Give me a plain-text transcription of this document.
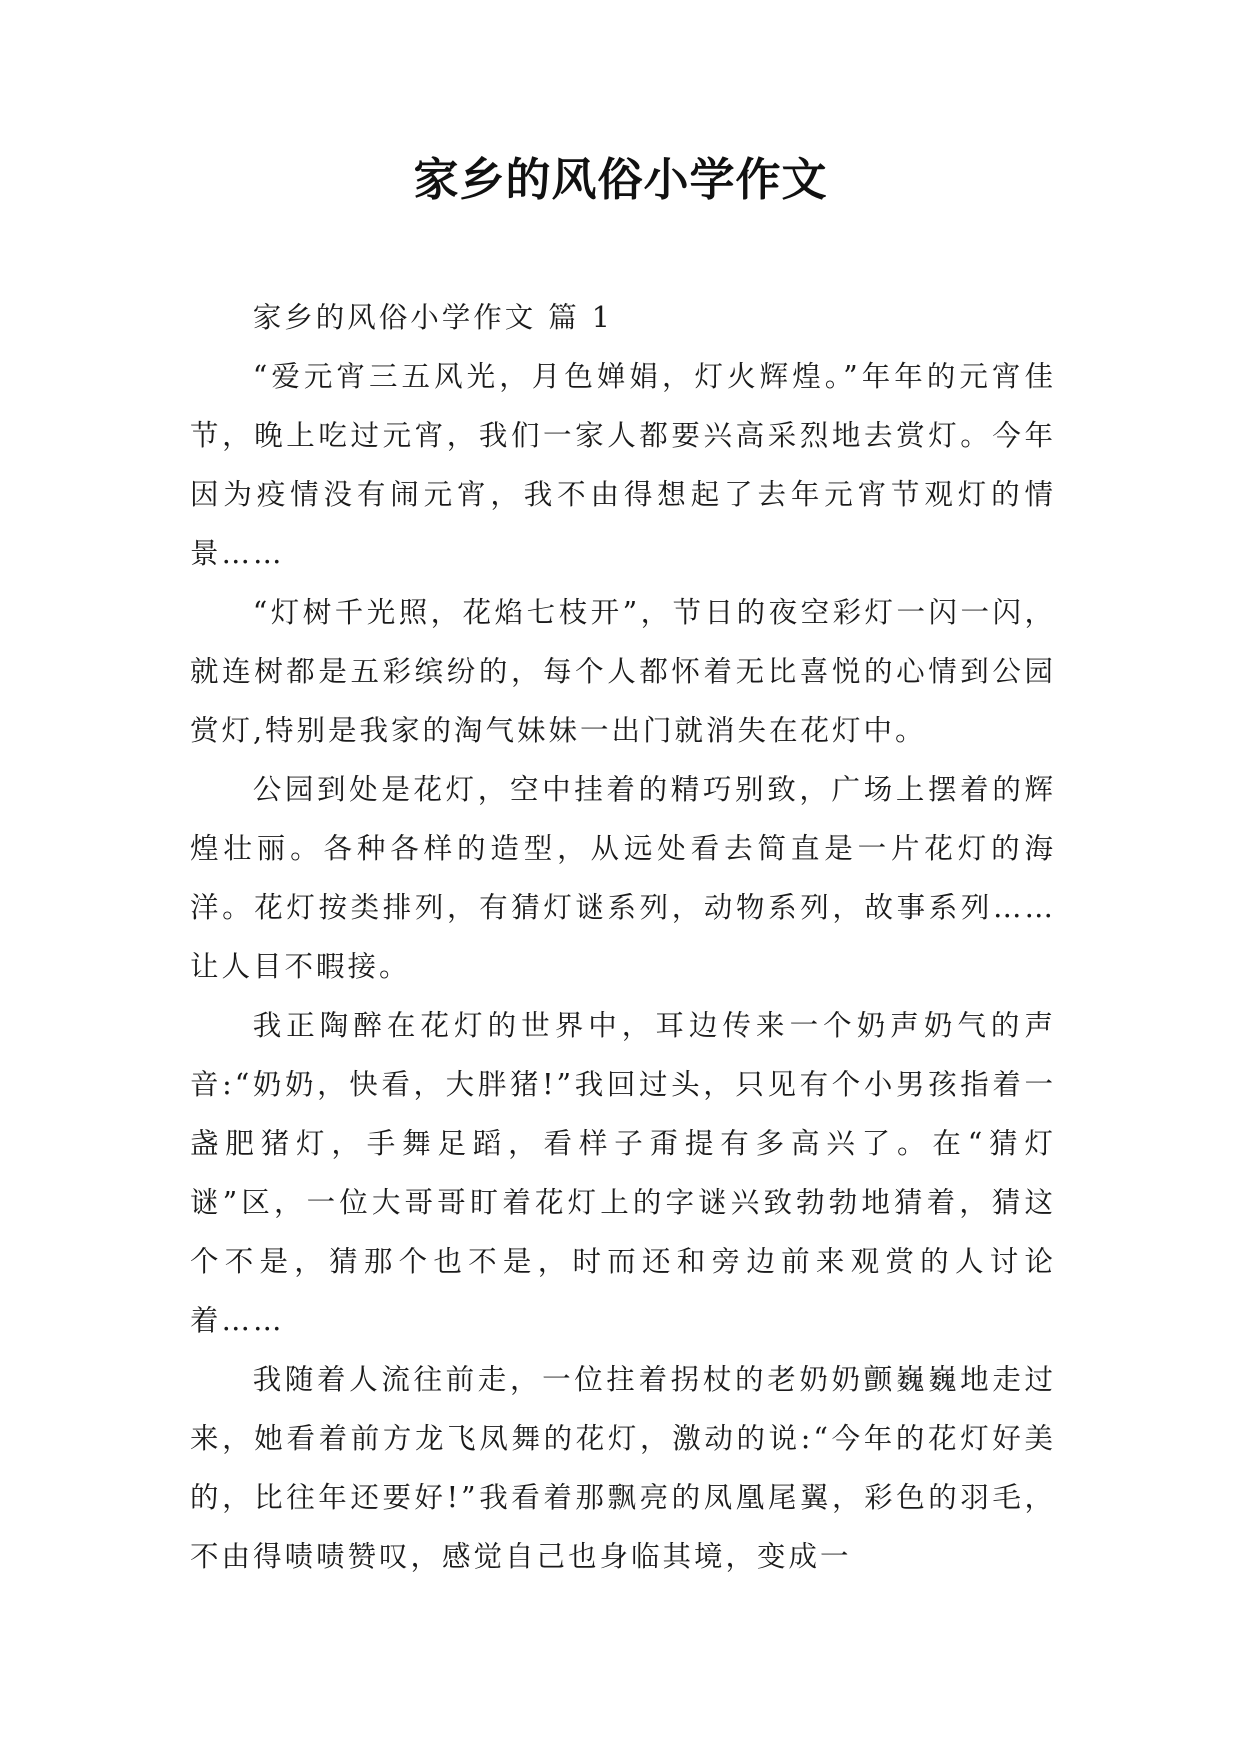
家乡的风俗小学作文

家乡的风俗小学作文 篇 1

“爱元宵三五风光，月色婵娟，灯火辉煌。”年年的元宵佳节，晚上吃过元宵，我们一家人都要兴高采烈地去赏灯。今年因为疫情没有闹元宵，我不由得想起了去年元宵节观灯的情景……

“灯树千光照，花焰七枝开”，节日的夜空彩灯一闪一闪，就连树都是五彩缤纷的，每个人都怀着无比喜悦的心情到公园赏灯,特别是我家的淘气妹妹一出门就消失在花灯中。

公园到处是花灯，空中挂着的精巧别致，广场上摆着的辉煌壮丽。各种各样的造型，从远处看去简直是一片花灯的海洋。花灯按类排列，有猜灯谜系列，动物系列，故事系列……让人目不暇接。

我正陶醉在花灯的世界中，耳边传来一个奶声奶气的声音:“奶奶，快看，大胖猪!”我回过头，只见有个小男孩指着一盏肥猪灯，手舞足蹈，看样子甭提有多高兴了。在“猜灯谜”区，一位大哥哥盯着花灯上的字谜兴致勃勃地猜着，猜这个不是，猜那个也不是，时而还和旁边前来观赏的人讨论着……

我随着人流往前走，一位拄着拐杖的老奶奶颤巍巍地走过来，她看着前方龙飞凤舞的花灯，激动的说:“今年的花灯好美的，比往年还要好!”我看着那飘亮的凤凰尾翼，彩色的羽毛，不由得啧啧赞叹，感觉自己也身临其境，变成一
